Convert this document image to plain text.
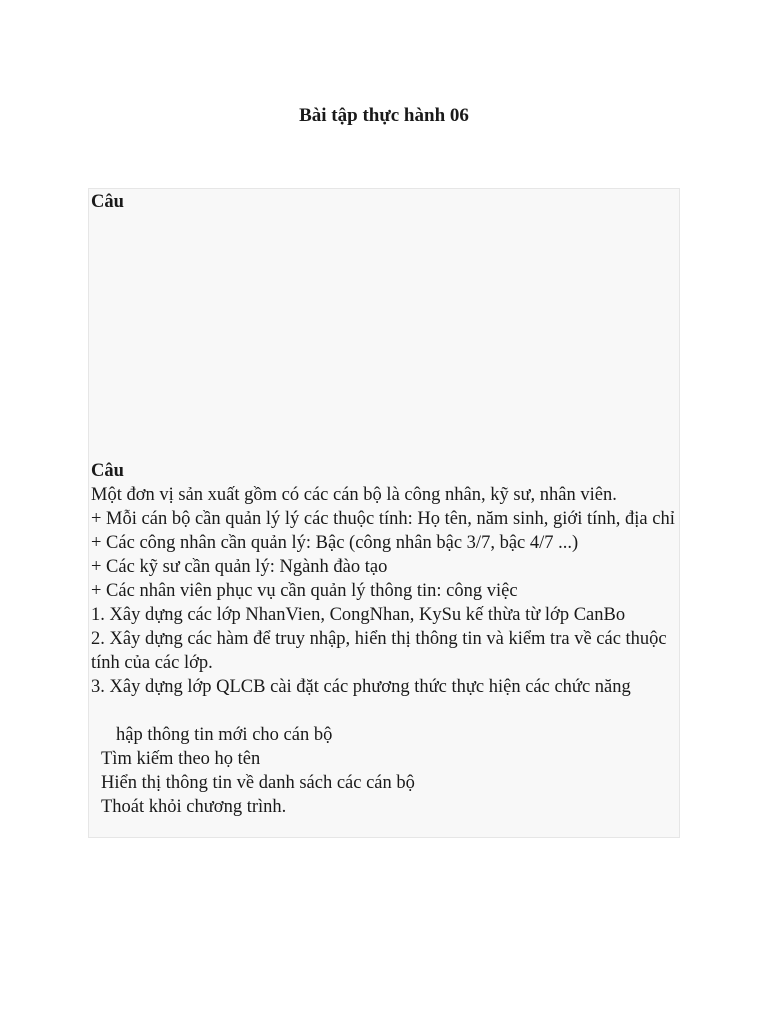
Bài tập thực hành 06
Câu
Câu
Một đơn vị sản xuất gồm có các cán bộ là công nhân, kỹ sư, nhân viên.
+ Mỗi cán bộ cần quản lý lý các thuộc tính: Họ tên, năm sinh, giới tính, địa chỉ
+ Các công nhân cần quản lý: Bậc (công nhân bậc 3/7, bậc 4/7 ...)
+ Các kỹ sư cần quản lý: Ngành đào tạo
+ Các nhân viên phục vụ cần quản lý thông tin: công việc
1. Xây dựng các lớp NhanVien, CongNhan, KySu kế thừa từ lớp CanBo
2. Xây dựng các hàm để truy nhập, hiển thị thông tin và kiểm tra về các thuộc tính của các lớp.
3. Xây dựng lớp QLCB cài đặt các phương thức thực hiện các chức năng
hập thông tin mới cho cán bộ
Tìm kiếm theo họ tên
Hiển thị thông tin về danh sách các cán bộ
Thoát khỏi chương trình.
